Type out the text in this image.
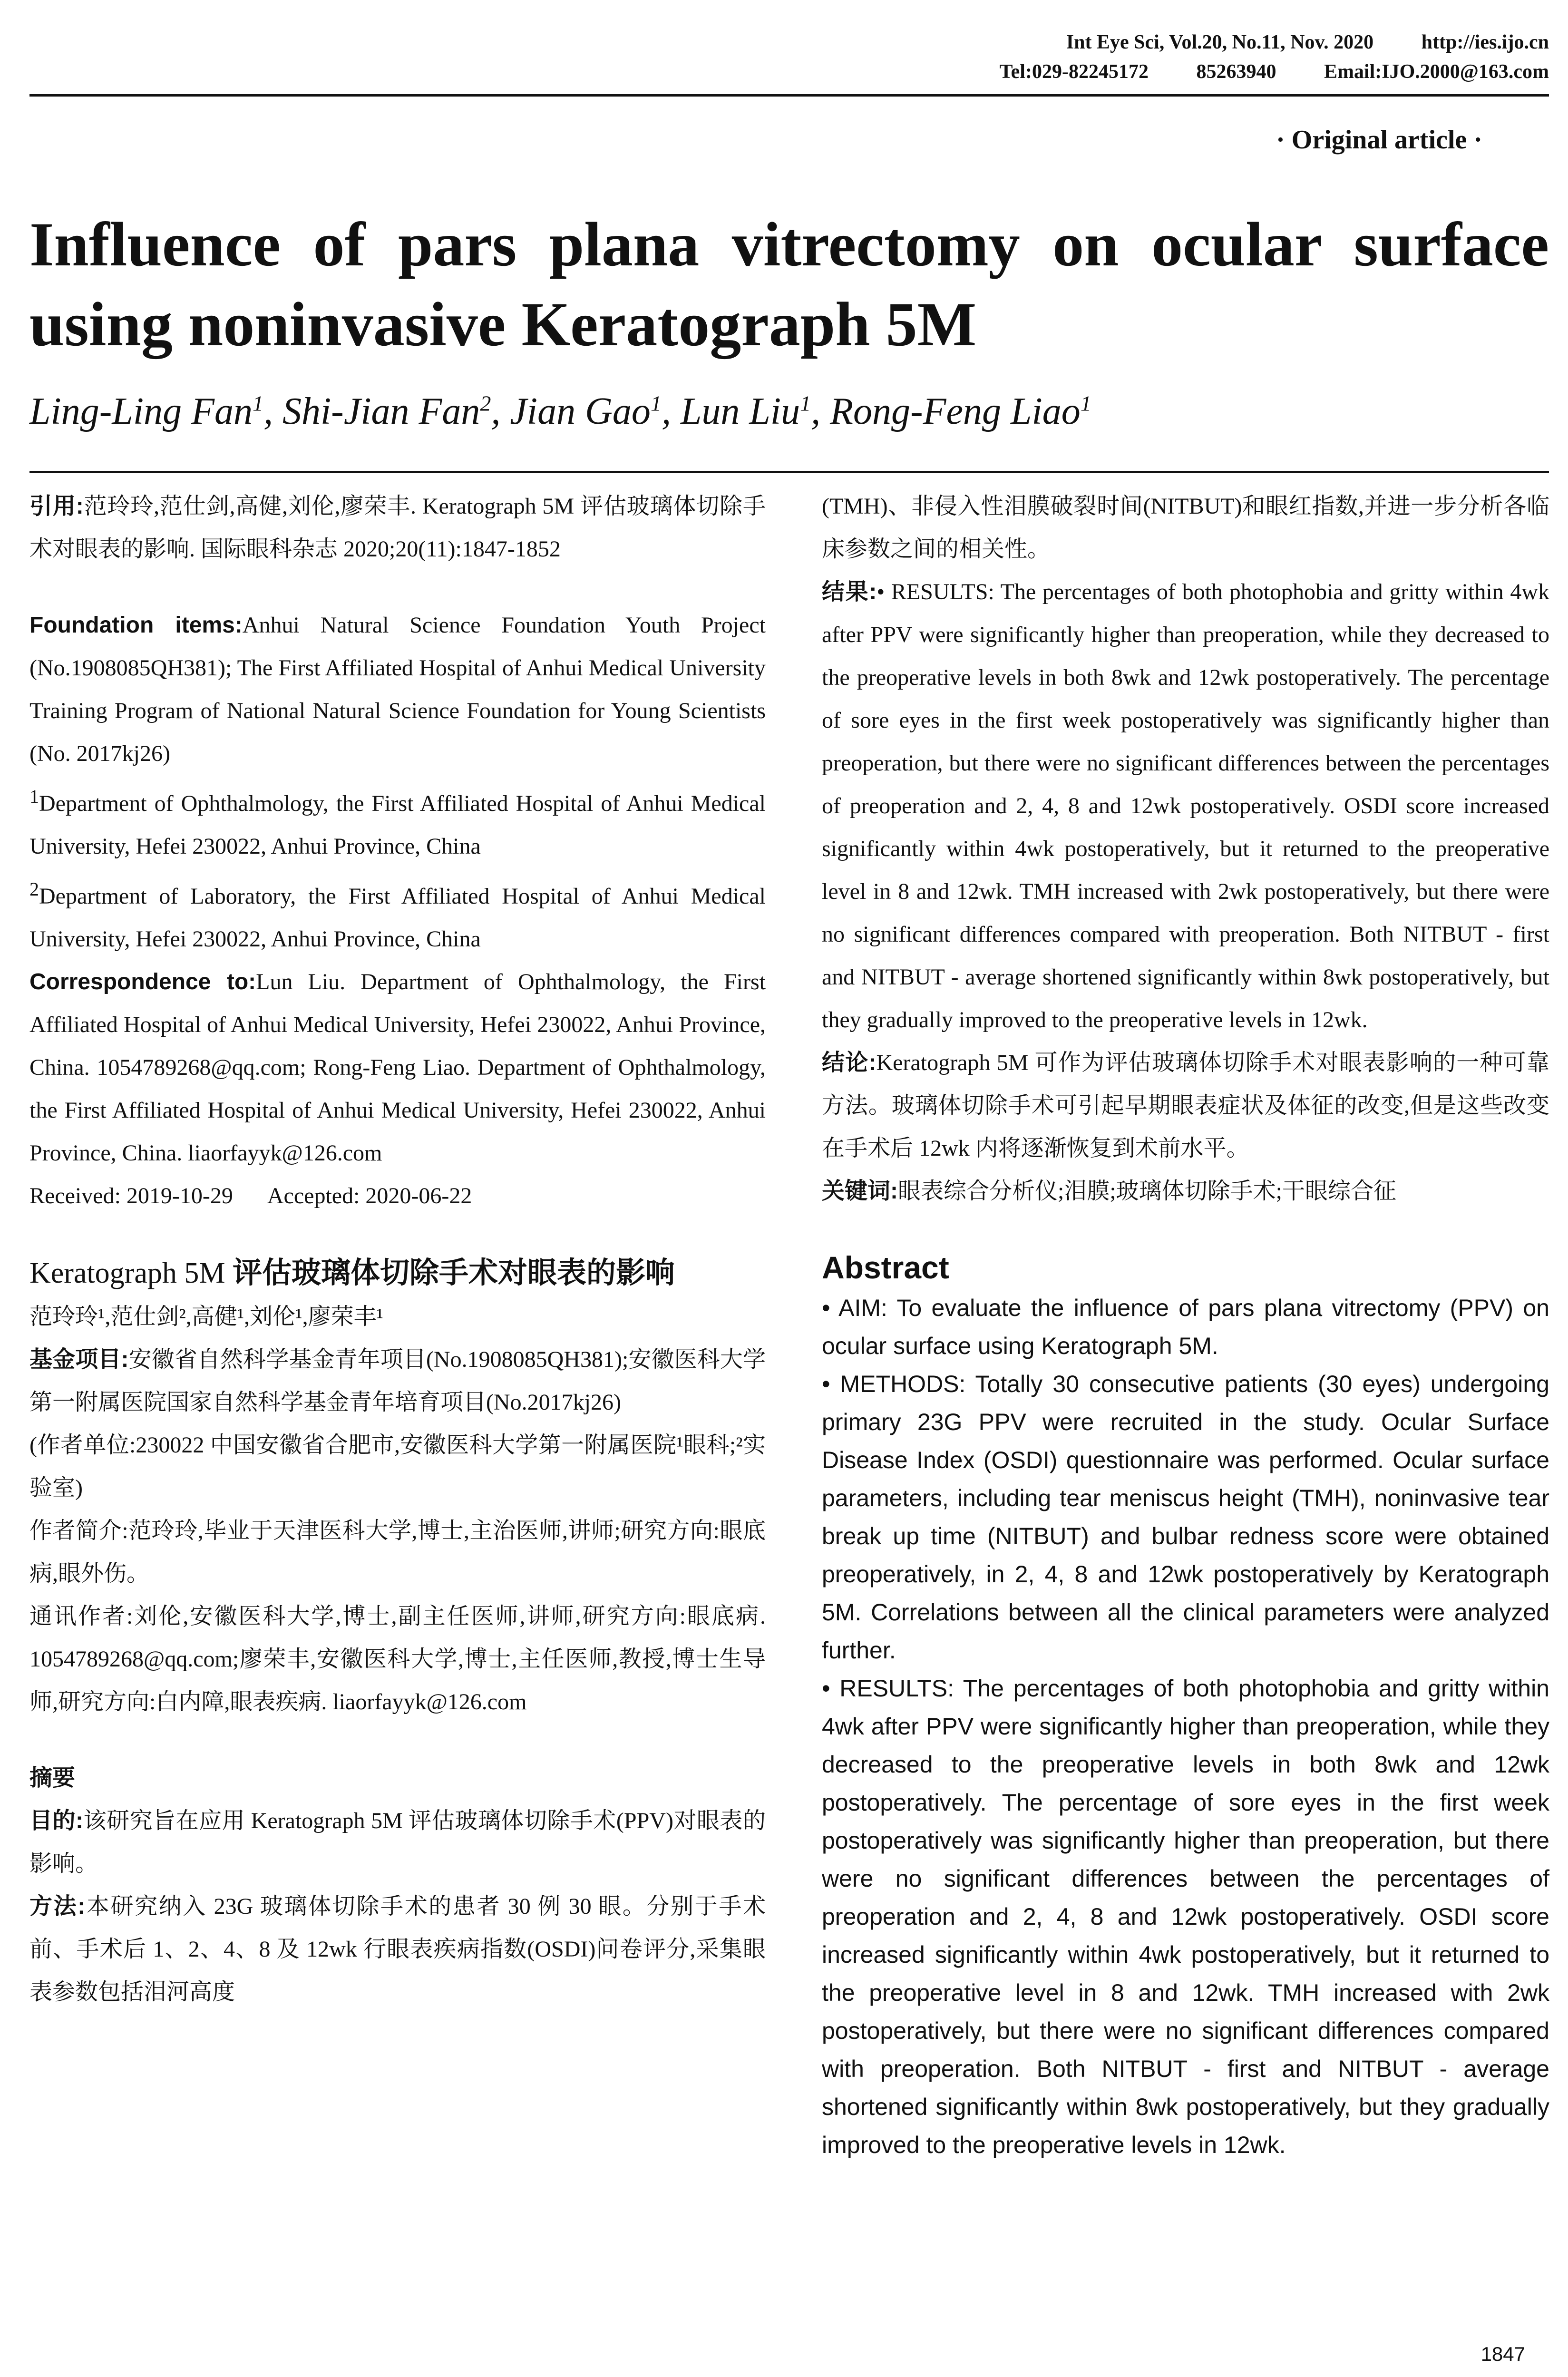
Int Eye Sci, Vol.20, No.11, Nov. 2020 http://ies.ijo.cn
Tel:029-82245172 85263940 Email:IJO.2000@163.com
· Original article ·
Influence of pars plana vitrectomy on ocular surface using noninvasive Keratograph 5M
Ling-Ling Fan$^1$, Shi-Jian Fan$^2$, Jian Gao$^1$, Lun Liu$^1$, Rong-Feng Liao$^1$

引用:范玲玲,范仕剑,高健,刘伦,廖荣丰. Keratograph 5M 评估玻璃体切除手术对眼表的影响. 国际眼科杂志 2020;20(11):1847-1852

Foundation items:Anhui Natural Science Foundation Youth Project (No.1908085QH381); The First Affiliated Hospital of Anhui Medical University Training Program of National Natural Science Foundation for Young Scientists (No. 2017kj26)

$^1$Department of Ophthalmology, the First Affiliated Hospital of Anhui Medical University, Hefei 230022, Anhui Province, China

$^2$Department of Laboratory, the First Affiliated Hospital of Anhui Medical University, Hefei 230022, Anhui Province, China

Correspondence to:Lun Liu. Department of Ophthalmology, the First Affiliated Hospital of Anhui Medical University, Hefei 230022, Anhui Province, China. 1054789268@qq.com; Rong-Feng Liao. Department of Ophthalmology, the First Affiliated Hospital of Anhui Medical University, Hefei 230022, Anhui Province, China. liaorfayyk@126.com

Received: 2019-10-29 Accepted: 2020-06-22

Keratograph 5M 评估玻璃体切除手术对眼表的影响

范玲玲¹,范仕剑²,高健¹,刘伦¹,廖荣丰¹

基金项目:安徽省自然科学基金青年项目(No.1908085QH381);安徽医科大学第一附属医院国家自然科学基金青年培育项目(No.2017kj26)

(作者单位:230022 中国安徽省合肥市,安徽医科大学第一附属医院¹眼科;²实验室)

作者简介:范玲玲,毕业于天津医科大学,博士,主治医师,讲师;研究方向:眼底病,眼外伤。

通讯作者:刘伦,安徽医科大学,博士,副主任医师,讲师,研究方向:眼底病. 1054789268@qq.com;廖荣丰,安徽医科大学,博士,主任医师,教授,博士生导师,研究方向:白内障,眼表疾病. liaorfayyk@126.com

摘要

目的:该研究旨在应用 Keratograph 5M 评估玻璃体切除手术(PPV)对眼表的影响。

方法:本研究纳入 23G 玻璃体切除手术的患者 30 例 30 眼。分别于手术前、手术后 1、2、4、8 及 12wk 行眼表疾病指数(OSDI)问卷评分,采集眼表参数包括泪河高度

(TMH)、非侵入性泪膜破裂时间(NITBUT)和眼红指数,并进一步分析各临床参数之间的相关性。

结果:• RESULTS: The percentages of both photophobia and gritty within 4wk after PPV were significantly higher than preoperation, while they decreased to the preoperative levels in both 8wk and 12wk postoperatively. The percentage of sore eyes in the first week postoperatively was significantly higher than preoperation, but there were no significant differences between the percentages of preoperation and 2, 4, 8 and 12wk postoperatively. OSDI score increased significantly within 4wk postoperatively, but it returned to the preoperative level in 8 and 12wk. TMH increased with 2wk postoperatively, but there were no significant differences compared with preoperation. Both NITBUT - first and NITBUT - average shortened significantly within 8wk postoperatively, but they gradually improved to the preoperative levels in 12wk.

结论:Keratograph 5M 可作为评估玻璃体切除手术对眼表影响的一种可靠方法。玻璃体切除手术可引起早期眼表症状及体征的改变,但是这些改变在手术后 12wk 内将逐渐恢复到术前水平。

关键词:眼表综合分析仪;泪膜;玻璃体切除手术;干眼综合征

Abstract

• AIM: To evaluate the influence of pars plana vitrectomy (PPV) on ocular surface using Keratograph 5M.

• METHODS: Totally 30 consecutive patients (30 eyes) undergoing primary 23G PPV were recruited in the study. Ocular Surface Disease Index (OSDI) questionnaire was performed. Ocular surface parameters, including tear meniscus height (TMH), noninvasive tear break up time (NITBUT) and bulbar redness score were obtained preoperatively, in 2, 4, 8 and 12wk postoperatively by Keratograph 5M. Correlations between all the clinical parameters were analyzed further.

• RESULTS: The percentages of both photophobia and gritty within 4wk after PPV were significantly higher than preoperation, while they decreased to the preoperative levels in both 8wk and 12wk postoperatively. The percentage of sore eyes in the first week postoperatively was significantly higher than preoperation, but there were no significant differences between the percentages of preoperation and 2, 4, 8 and 12wk postoperatively. OSDI score increased significantly within 4wk postoperatively, but it returned to the preoperative level in 8 and 12wk. TMH increased with 2wk postoperatively, but there were no significant differences compared with preoperation. Both NITBUT - first and NITBUT - average shortened significantly within 8wk postoperatively, but they gradually improved to the preoperative levels in 12wk.

1847
